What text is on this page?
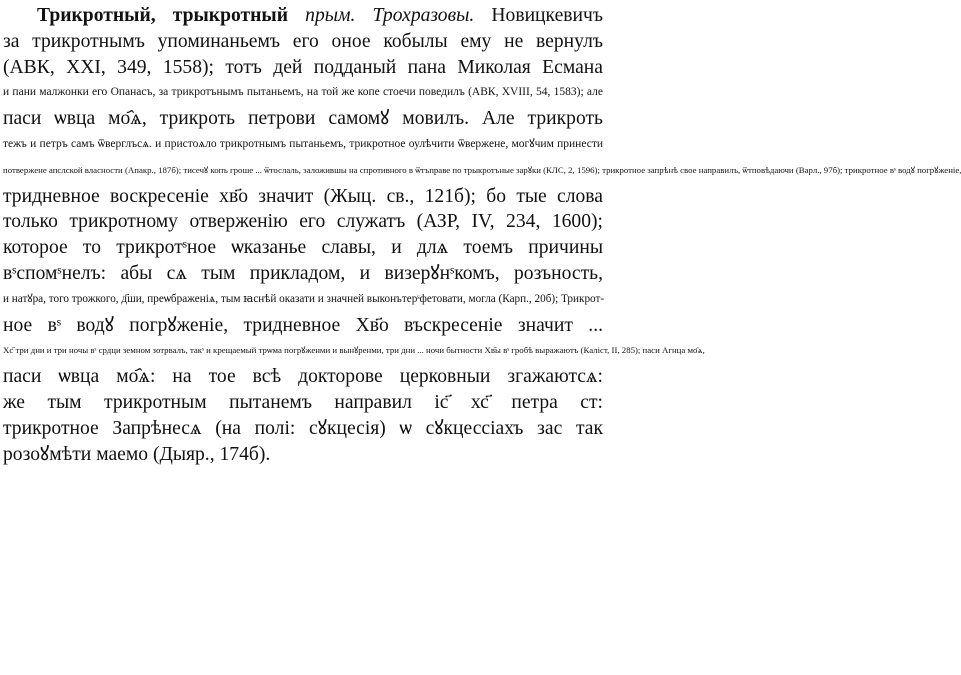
Трикротный, трыкротный прым. Трохразовы. Новицкевичъ
за трикротнымъ упоминаньемъ его оное кобылы ему не вернулъ
(АВК, XXI, 349, 1558); тотъ дей подданый пана Миколая Есмана
и пани малжонки его Опанасъ, за трикротънымъ пытаньемъ, на той же копе стоечи поведилъ (АВК, XVIII, 54, 1583); але
паси ѡвца мо҄ѧ, трикроть петрови самомꙋ мовилъ. Але трикроть
тежъ и петръ самъ ѿверглъсѧ. и пристоѧло трикротнымъ пытаньемъ, трикротное оулѣчити ѿвержене, могꙋчим принести
потвержене апслской власности (Апакр., 187б); тисечꙋ копъ гроше ... ѿтослаль, заложившы на спротивного в ѿтъправе по трыкротъные зарꙋки (КЛС, 2, 1596); трикротное запрѣнѣ свое направилъ, ѿтповѣдаючи (Варл., 97б); трикротное вˢ водꙋ погрꙋженіе,
тридневное воскресеніе хв҃о значит (Жыц. св., 121б); бо тые слова
только трикротному отверженію его служатъ (АЗР, IV, 234, 1600);
которое то трикротˢное ѡказанье славы, и длѧ тоемъ причины
вˢспомˢнелъ: абы сѧ тым прикладом, и визерꙋнˢкомъ, розъность,
и натꙋра, того трожкого, д҃ши, преѡбраженіѧ, тым ꙗснѣй оказати и значней выконътерˢфетовати, могла (Карп., 20б); Трикрот-
ное вˢ водꙋ погрꙋженіе, тридневное Хв҃о въскресеніе значит ...
Хс҃ три дни и три ночы вˢ срдци земном зотрвалъ, такˢ и крещаемый трѡма погрꙋженми и вынꙋренми, три дни ... ночи бытности Хв҃ы вˢ гробѣ выражаютъ (Каліст, II, 285); паси Агнца мо҄ѧ,
паси ѡвца мо҄ѧ: на тое всѣ докторове церковныи згажаютсѧ:
же тым трикротным пытанемъ направил іс҃ хс҃ петра ст:
трикротное Запрѣнесѧ (на полі: сꙋкцесія) ѡ сꙋкцессіахъ зас так
розоꙋмѣти маемо (Дыяр., 174б).
